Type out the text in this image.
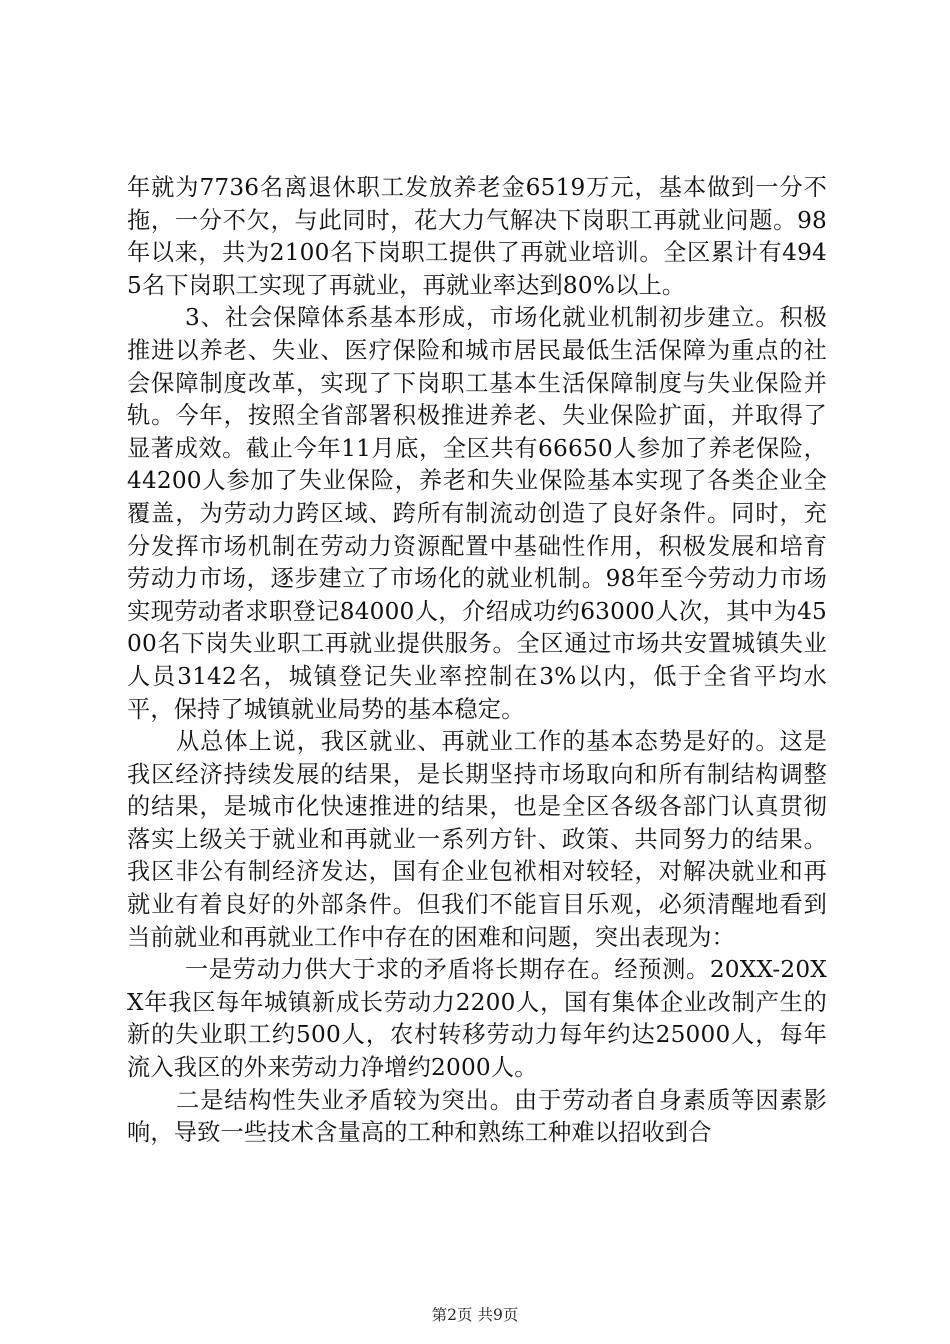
年就为7736名离退休职工发放养老金6519万元，基本做到一分不拖，一分不欠，与此同时，花大力气解决下岗职工再就业问题。98年以来，共为2100名下岗职工提供了再就业培训。全区累计有4945名下岗职工实现了再就业，再就业率达到80%以上。

3、社会保障体系基本形成，市场化就业机制初步建立。积极推进以养老、失业、医疗保险和城市居民最低生活保障为重点的社会保障制度改革，实现了下岗职工基本生活保障制度与失业保险并轨。今年，按照全省部署积极推进养老、失业保险扩面，并取得了显著成效。截止今年11月底，全区共有66650人参加了养老保险，44200人参加了失业保险，养老和失业保险基本实现了各类企业全覆盖，为劳动力跨区域、跨所有制流动创造了良好条件。同时，充分发挥市场机制在劳动力资源配置中基础性作用，积极发展和培育劳动力市场，逐步建立了市场化的就业机制。98年至今劳动力市场实现劳动者求职登记84000人，介绍成功约63000人次，其中为4500名下岗失业职工再就业提供服务。全区通过市场共安置城镇失业人员3142名，城镇登记失业率控制在3%以内，低于全省平均水平，保持了城镇就业局势的基本稳定。

从总体上说，我区就业、再就业工作的基本态势是好的。这是我区经济持续发展的结果，是长期坚持市场取向和所有制结构调整的结果，是城市化快速推进的结果，也是全区各级各部门认真贯彻落实上级关于就业和再就业一系列方针、政策、共同努力的结果。我区非公有制经济发达，国有企业包袱相对较轻，对解决就业和再就业有着良好的外部条件。但我们不能盲目乐观，必须清醒地看到当前就业和再就业工作中存在的困难和问题，突出表现为：

一是劳动力供大于求的矛盾将长期存在。经预测。20XX-20XX年我区每年城镇新成长劳动力2200人，国有集体企业改制产生的新的失业职工约500人，农村转移劳动力每年约达25000人，每年流入我区的外来劳动力净增约2000人。

二是结构性失业矛盾较为突出。由于劳动者自身素质等因素影响，导致一些技术含量高的工种和熟练工种难以招收到合

第2页 共9页
